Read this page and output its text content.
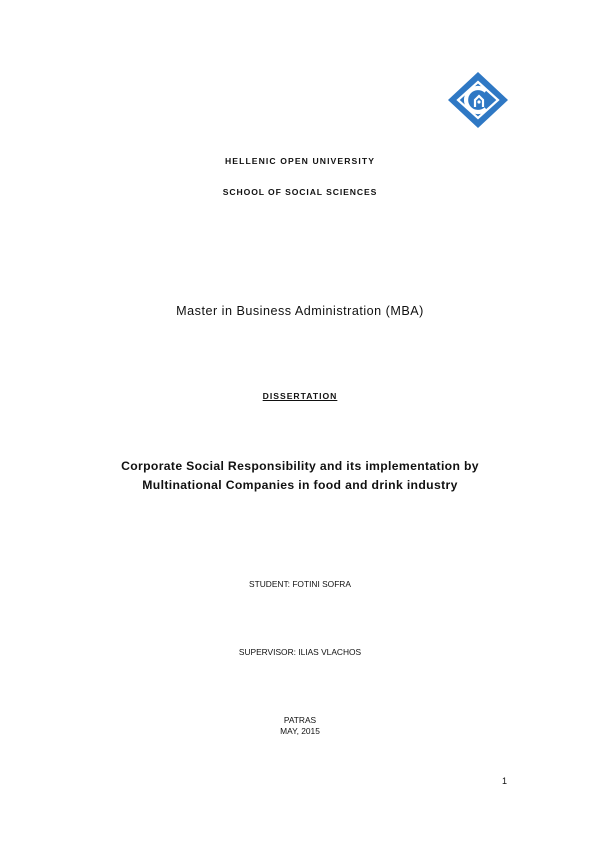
HELLENIC OPEN UNIVERSITY
SCHOOL OF SOCIAL SCIENCES
Master in Business Administration (MBA)
DISSERTATION
Corporate Social Responsibility and its implementation by
Multinational Companies in food and drink industry
STUDENT: FOTINI SOFRA
SUPERVISOR: ILIAS VLACHOS
PATRAS
MAY, 2015
1
